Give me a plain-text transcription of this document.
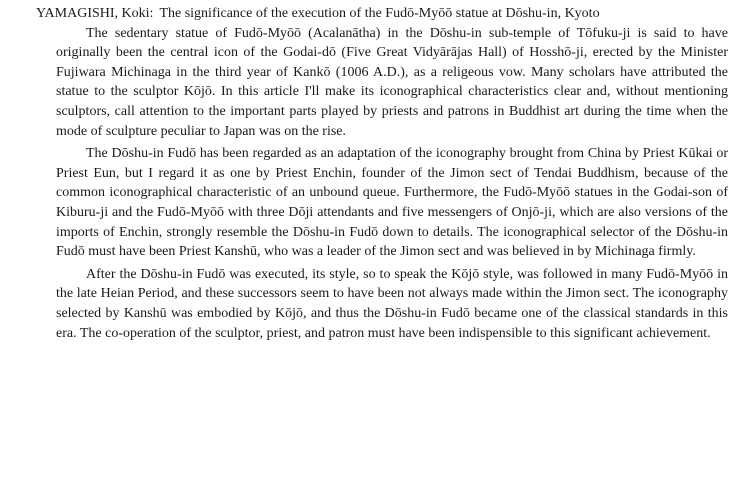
YAMAGISHI, Koki: The significance of the execution of the Fudō-Myōō statue at Dōshu-in, Kyoto

The sedentary statue of Fudō-Myōō (Acalanātha) in the Dōshu-in sub-temple of Tōfuku-ji is said to have originally been the central icon of the Godai-dō (Five Great Vidyārājas Hall) of Hosshō-ji, erected by the Minister Fujiwara Michinaga in the third year of Kankō (1006 A.D.), as a religeous vow. Many scholars have attributed the statue to the sculptor Kōjō. In this article I'll make its iconographical characteristics clear and, without mentioning sculptors, call attention to the important parts played by priests and patrons in Buddhist art during the time when the mode of sculpture peculiar to Japan was on the rise.

The Dōshu-in Fudō has been regarded as an adaptation of the iconography brought from China by Priest Kūkai or Priest Eun, but I regard it as one by Priest Enchin, founder of the Jimon sect of Tendai Buddhism, because of the common iconographical characteristic of an unbound queue. Furthermore, the Fudō-Myōō statues in the Godai-son of Kiburu-ji and the Fudō-Myōō with three Dōji attendants and five messengers of Onjō-ji, which are also versions of the imports of Enchin, strongly resemble the Dōshu-in Fudō down to details. The iconographical selector of the Dōshu-in Fudō must have been Priest Kanshū, who was a leader of the Jimon sect and was believed in by Michinaga firmly.

After the Dōshu-in Fudō was executed, its style, so to speak the Kōjō style, was followed in many Fudō-Myōō in the late Heian Period, and these successors seem to have been not always made within the Jimon sect. The iconography selected by Kanshū was embodied by Kōjō, and thus the Dōshu-in Fudō became one of the classical standards in this era. The co-operation of the sculptor, priest, and patron must have been indispensible to this significant achievement.
